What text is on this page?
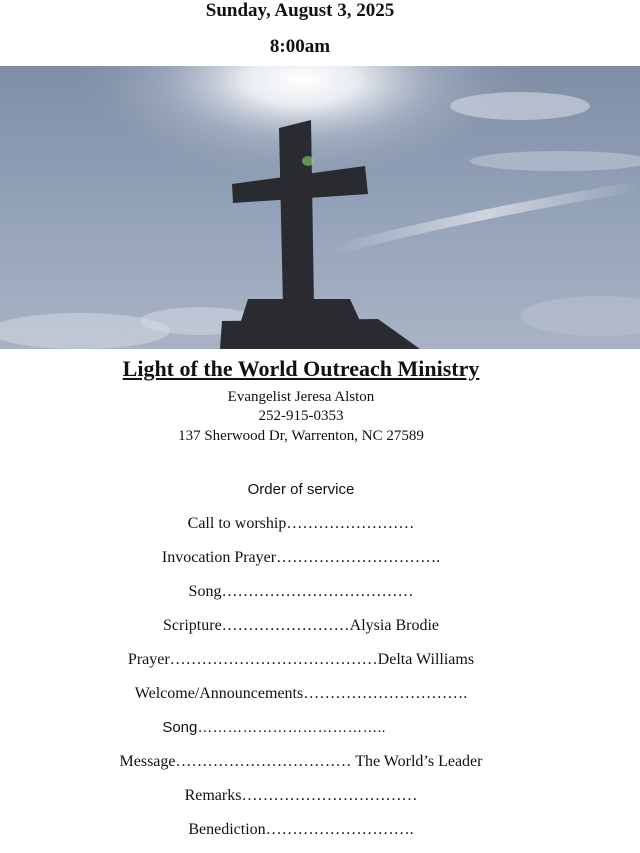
Sunday, August 3, 2025
8:00am
Light of the World Outreach Ministry
Evangelist Jeresa Alston
252-915-0353
137 Sherwood Dr, Warrenton, NC 27589
Order of service
Call to worship……………………
Invocation Prayer………………………….
Song………………………………
Scripture……………………Alysia Brodie
Prayer…………………………………Delta Williams
Welcome/Announcements………………………….
Song………………………………..
Message…………………………… The World’s Leader
Remarks……………………………
Benediction……………………….
